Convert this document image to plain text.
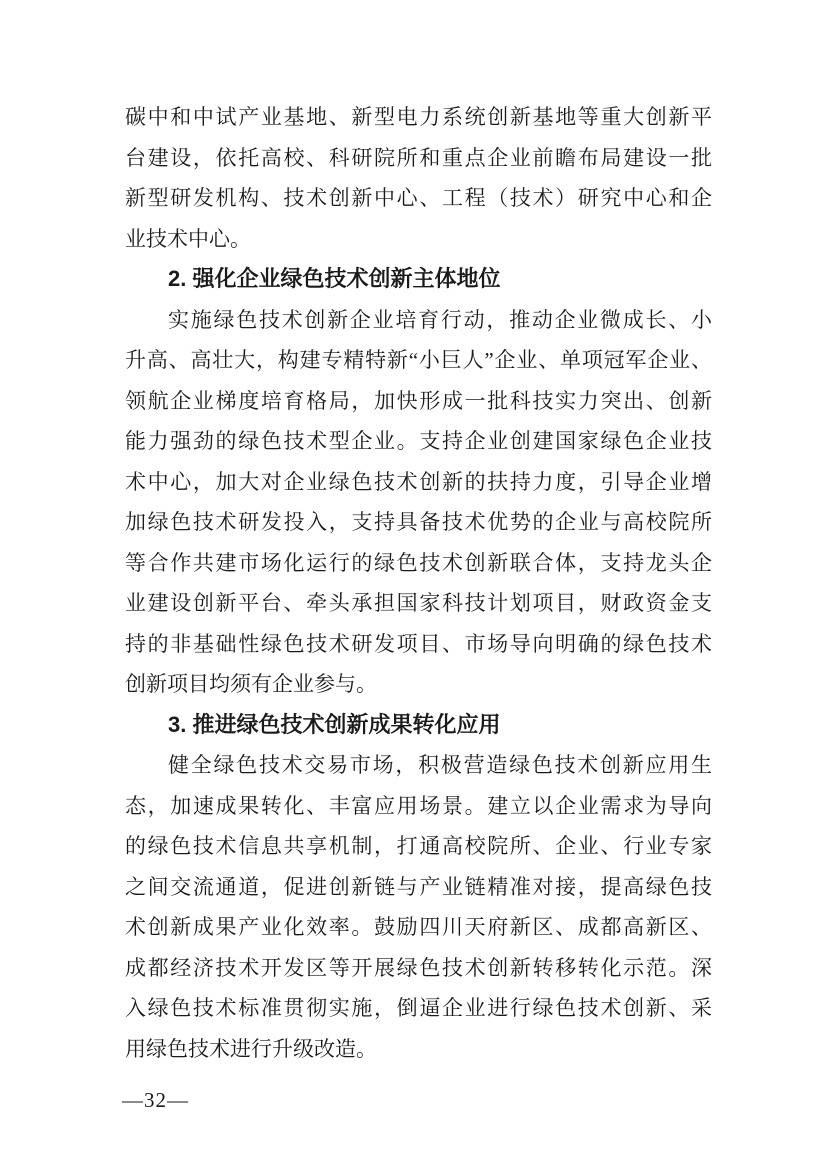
碳中和中试产业基地、新型电力系统创新基地等重大创新平
台建设，依托高校、科研院所和重点企业前瞻布局建设一批
新型研发机构、技术创新中心、工程（技术）研究中心和企
业技术中心。
2. 强化企业绿色技术创新主体地位
实施绿色技术创新企业培育行动，推动企业微成长、小
升高、高壮大，构建专精特新“小巨人”企业、单项冠军企业、
领航企业梯度培育格局，加快形成一批科技实力突出、创新
能力强劲的绿色技术型企业。支持企业创建国家绿色企业技
术中心，加大对企业绿色技术创新的扶持力度，引导企业增
加绿色技术研发投入，支持具备技术优势的企业与高校院所
等合作共建市场化运行的绿色技术创新联合体，支持龙头企
业建设创新平台、牵头承担国家科技计划项目，财政资金支
持的非基础性绿色技术研发项目、市场导向明确的绿色技术
创新项目均须有企业参与。
3. 推进绿色技术创新成果转化应用
健全绿色技术交易市场，积极营造绿色技术创新应用生
态，加速成果转化、丰富应用场景。建立以企业需求为导向
的绿色技术信息共享机制，打通高校院所、企业、行业专家
之间交流通道，促进创新链与产业链精准对接，提高绿色技
术创新成果产业化效率。鼓励四川天府新区、成都高新区、
成都经济技术开发区等开展绿色技术创新转移转化示范。深
入绿色技术标准贯彻实施，倒逼企业进行绿色技术创新、采
用绿色技术进行升级改造。
—32—
